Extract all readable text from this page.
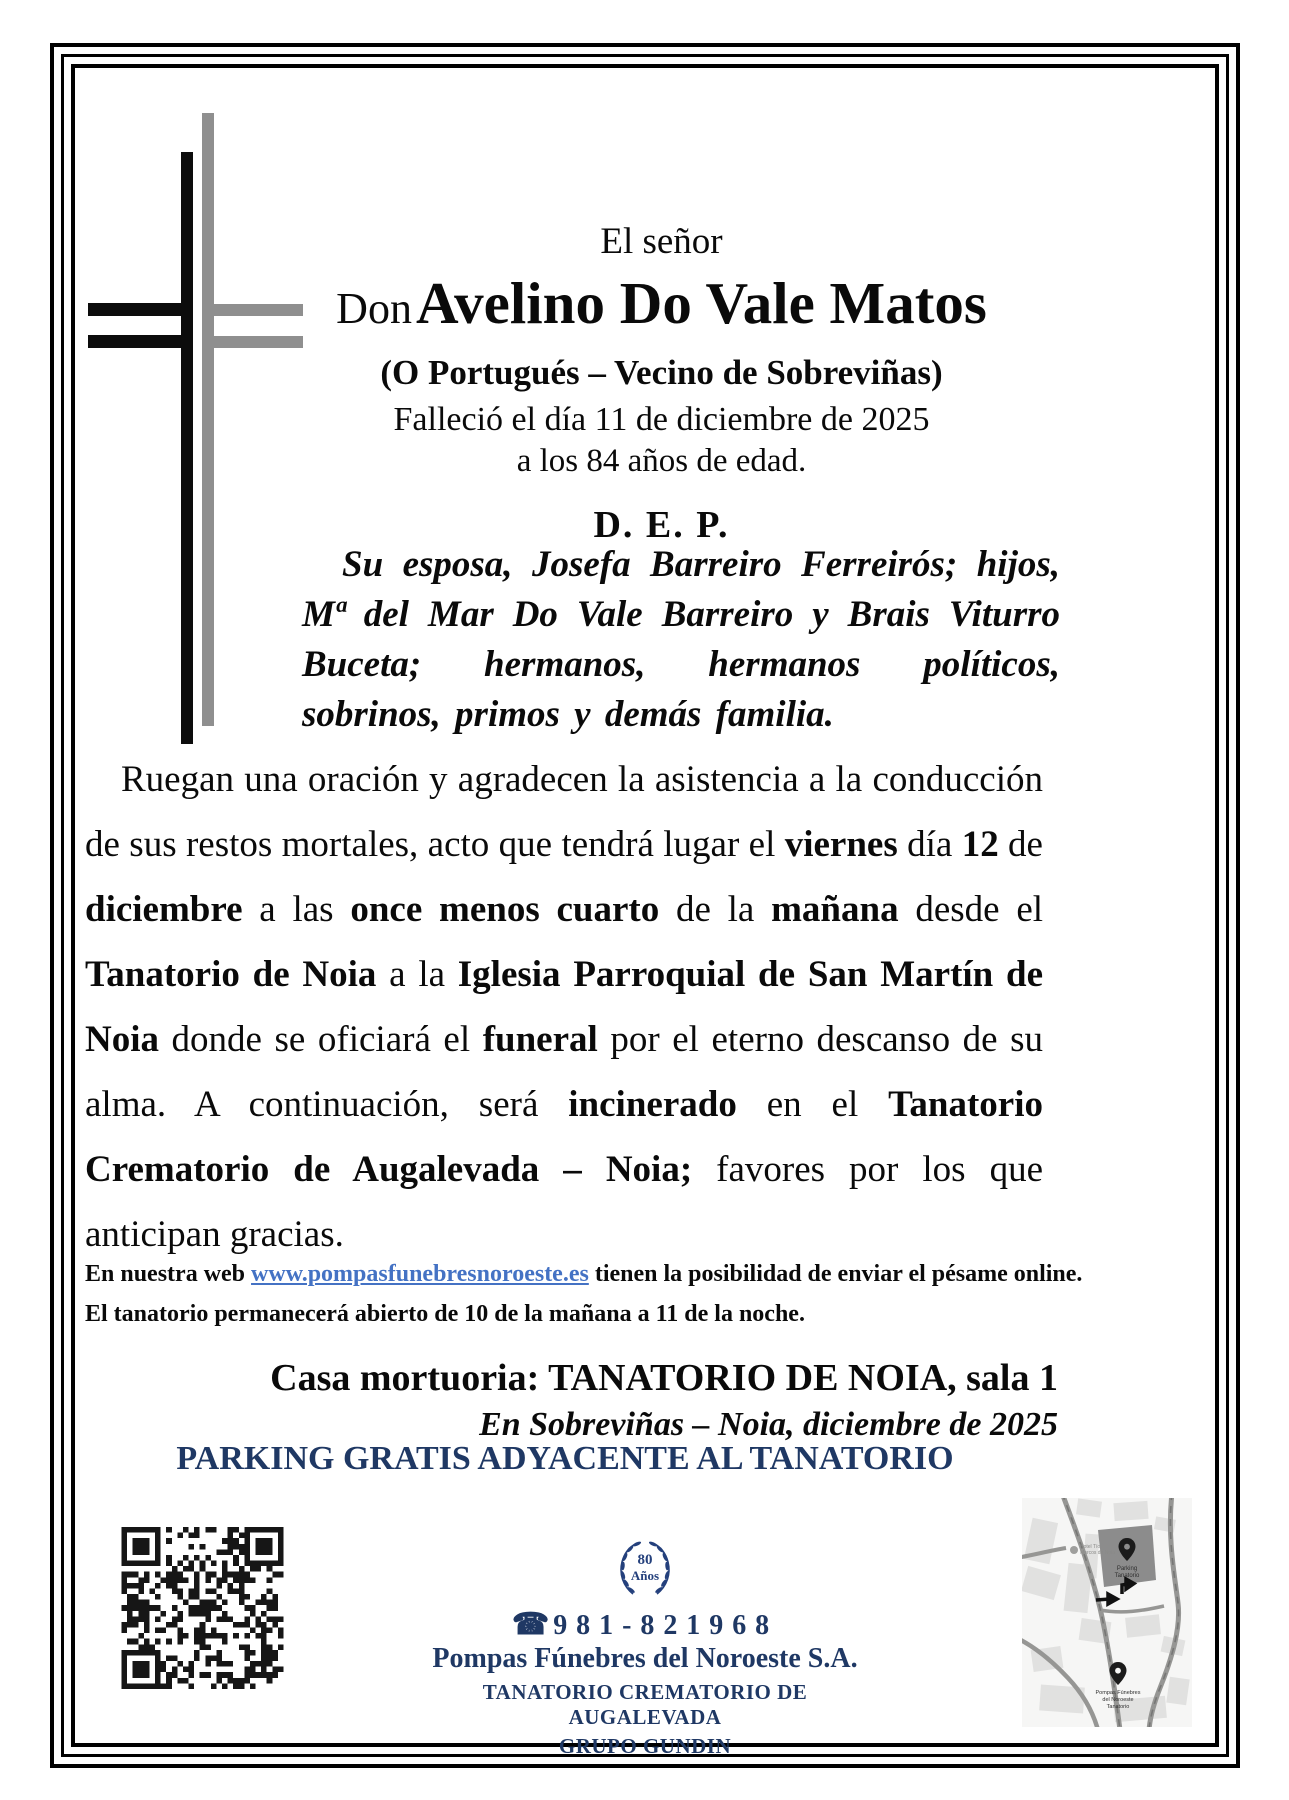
El señor
Don Avelino Do Vale Matos
(O Portugués – Vecino de Sobreviñas)
Falleció el día 11 de diciembre de 2025
a los 84 años de edad.
D. E. P.
Su esposa, Josefa Barreiro Ferreirós; hijos, Mª del Mar Do Vale Barreiro y Brais Viturro Buceta; hermanos, hermanos políticos, sobrinos, primos y demás familia.
Ruegan una oración y agradecen la asistencia a la conducción de sus restos mortales, acto que tendrá lugar el viernes día 12 de diciembre a las once menos cuarto de la mañana desde el Tanatorio de Noia a la Iglesia Parroquial de San Martín de Noia donde se oficiará el funeral por el eterno descanso de su alma. A continuación, será incinerado en el Tanatorio Crematorio de Augalevada – Noia; favores por los que anticipan gracias.
En nuestra web www.pompasfunebresnoroeste.es tienen la posibilidad de enviar el pésame online.
El tanatorio permanecerá abierto de 10 de la mañana a 11 de la noche.
Casa mortuoria: TANATORIO DE NOIA, sala 1
En Sobreviñas – Noia, diciembre de 2025
PARKING GRATIS ADYACENTE AL TANATORIO
80
Años
☎ 981-821968
Pompas Fúnebres del Noroeste S.A.
TANATORIO CREMATORIO DE AUGALEVADA
GRUPO GUNDIN
Parking
Tanatorio
Hotel Tío
Marcos de Noia
Pompas Fúnebres
del Noroeste
Tanatorio
